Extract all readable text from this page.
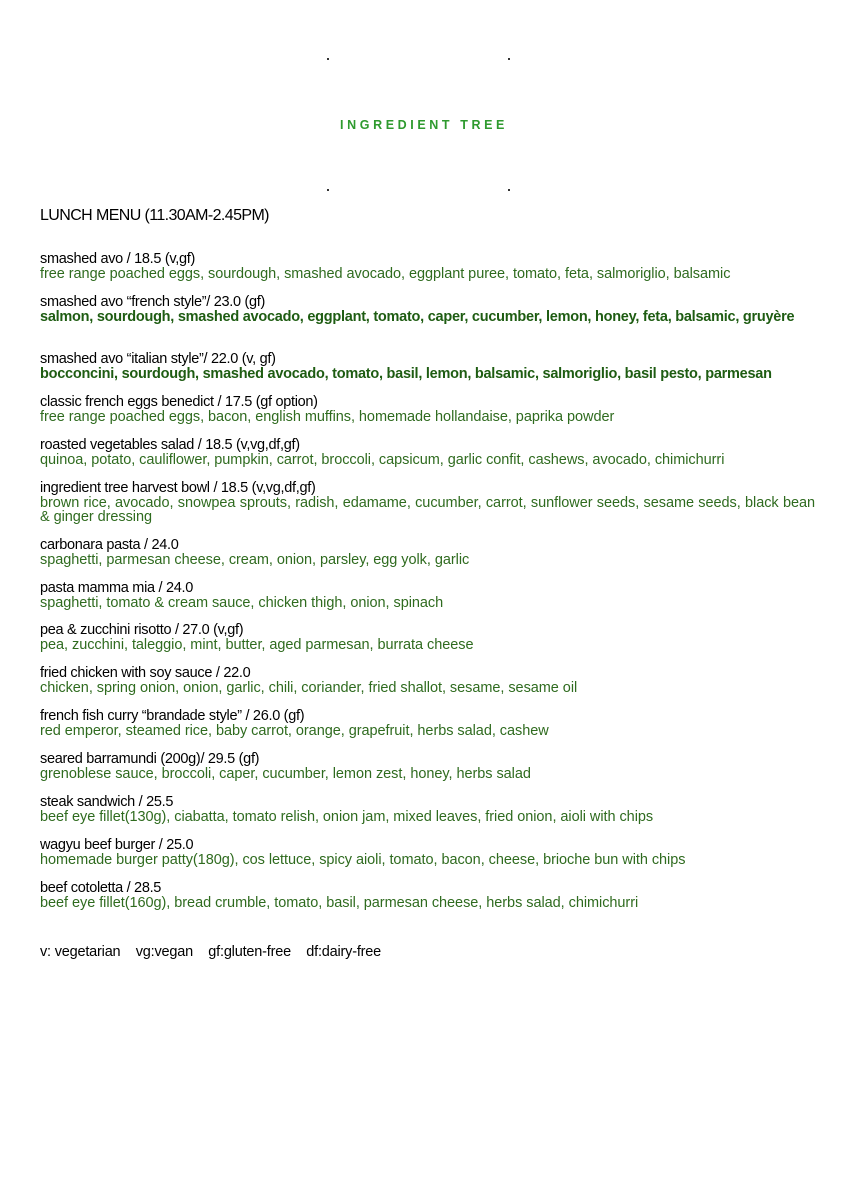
INGREDIENT TREE
LUNCH MENU (11.30AM-2.45PM)
smashed avo / 18.5 (v,gf)
free range poached eggs, sourdough, smashed avocado, eggplant puree, tomato, feta, salmoriglio, balsamic
smashed avo “french style”/ 23.0 (gf)
salmon, sourdough, smashed avocado, eggplant, tomato, caper, cucumber, lemon, honey, feta, balsamic, gruyère
smashed avo “italian style”/ 22.0 (v, gf)
bocconcini, sourdough, smashed avocado, tomato, basil, lemon, balsamic, salmoriglio, basil pesto, parmesan
classic french eggs benedict / 17.5 (gf option)
free range poached eggs, bacon, english muffins, homemade hollandaise, paprika powder
roasted vegetables salad / 18.5 (v,vg,df,gf)
quinoa, potato, cauliflower, pumpkin, carrot, broccoli, capsicum, garlic confit, cashews, avocado, chimichurri
ingredient tree harvest bowl / 18.5 (v,vg,df,gf)
brown rice, avocado, snowpea sprouts, radish, edamame, cucumber, carrot, sunflower seeds, sesame seeds, black bean & ginger dressing
carbonara pasta / 24.0
spaghetti, parmesan cheese, cream, onion, parsley, egg yolk, garlic
pasta mamma mia / 24.0
spaghetti, tomato & cream sauce, chicken thigh, onion, spinach
pea & zucchini risotto / 27.0 (v,gf)
pea, zucchini, taleggio, mint, butter, aged parmesan, burrata cheese
fried chicken with soy sauce / 22.0
chicken, spring onion, onion, garlic, chili, coriander, fried shallot, sesame, sesame oil
french fish curry “brandade style” / 26.0 (gf)
red emperor, steamed rice, baby carrot, orange, grapefruit, herbs salad, cashew
seared barramundi (200g)/ 29.5 (gf)
grenoblese sauce, broccoli, caper, cucumber, lemon zest, honey, herbs salad
steak sandwich / 25.5
beef eye fillet(130g), ciabatta, tomato relish, onion jam, mixed leaves, fried onion, aioli with chips
wagyu beef burger / 25.0
homemade burger patty(180g), cos lettuce, spicy aioli, tomato, bacon, cheese, brioche bun with chips
beef cotoletta / 28.5
beef eye fillet(160g), bread crumble, tomato, basil, parmesan cheese, herbs salad, chimichurri
v: vegetarian    vg:vegan    gf:gluten-free    df:dairy-free
